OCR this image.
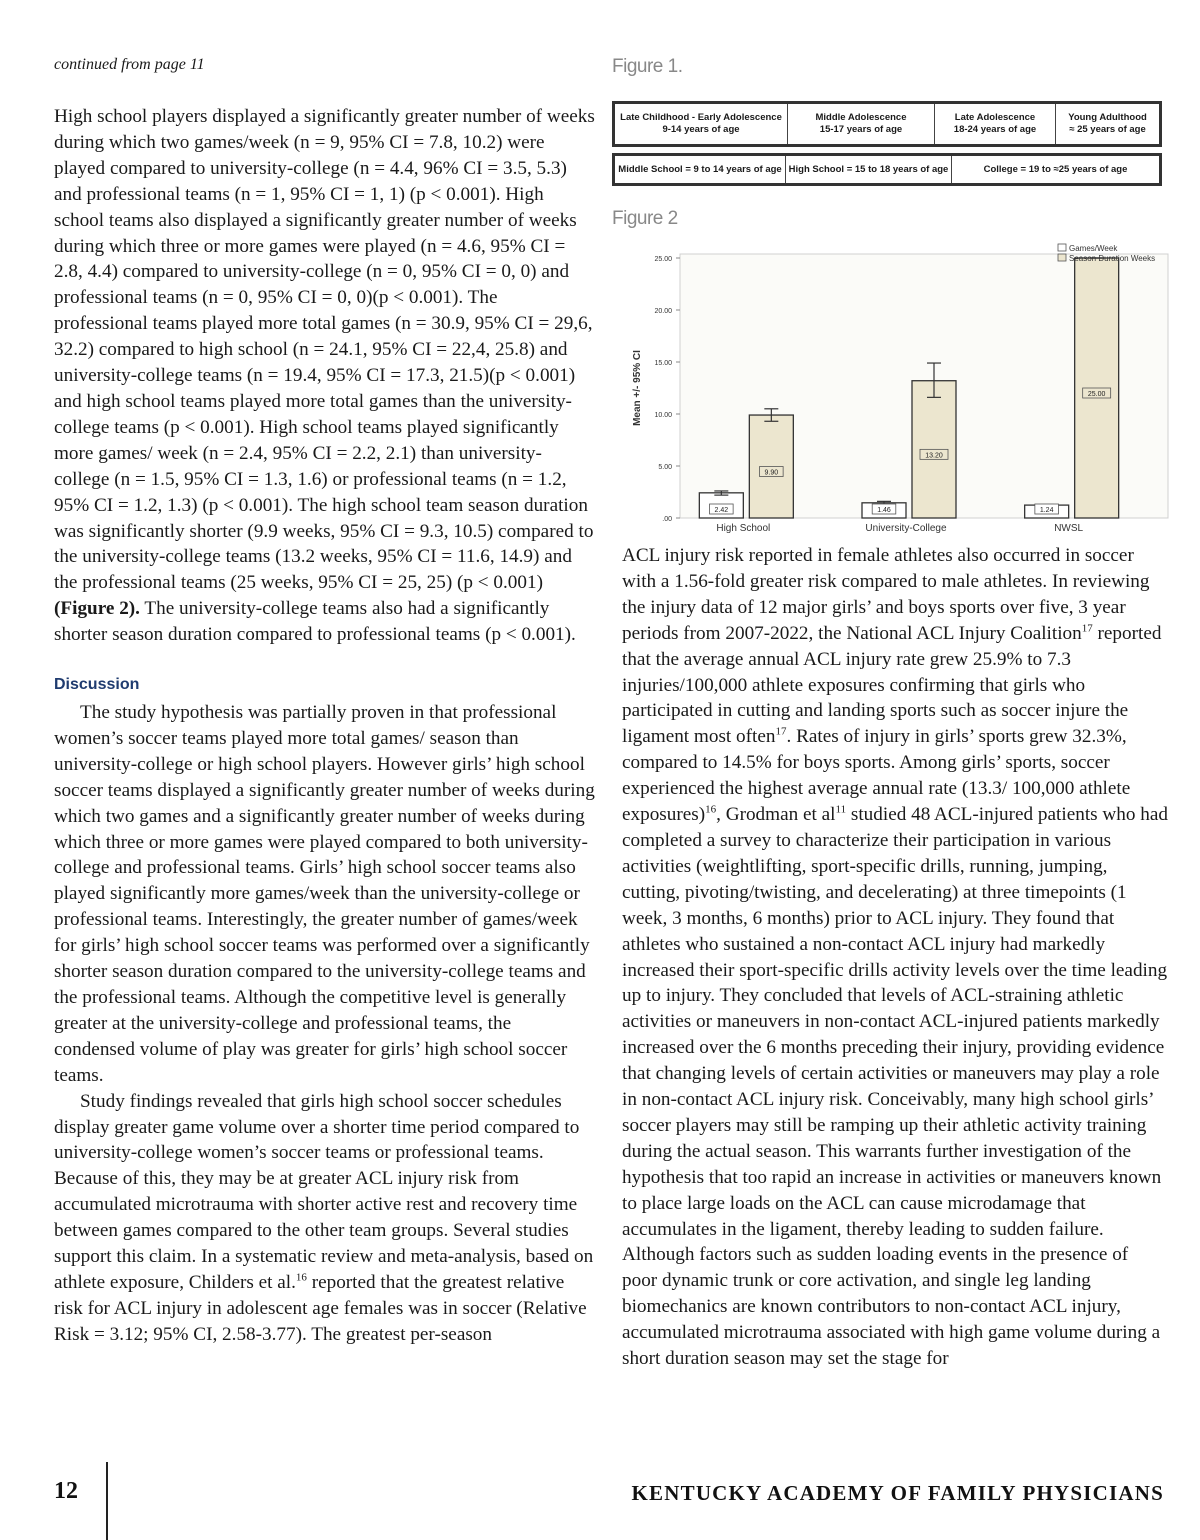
continued from page 11

High school players displayed a significantly greater number of weeks during which two games/week (n = 9, 95% CI = 7.8, 10.2) were played compared to university-college (n = 4.4, 96% CI = 3.5, 5.3) and professional teams (n = 1, 95% CI = 1, 1) (p < 0.001). High school teams also displayed a significantly greater number of weeks during which three or more games were played (n = 4.6, 95% CI = 2.8, 4.4) compared to university-college (n = 0, 95% CI = 0, 0) and professional teams (n = 0, 95% CI = 0, 0)(p < 0.001). The professional teams played more total games (n = 30.9, 95% CI = 29,6, 32.2) compared to high school (n = 24.1, 95% CI = 22,4, 25.8) and university-college teams (n = 19.4, 95% CI = 17.3, 21.5)(p < 0.001) and high school teams played more total games than the university-college teams (p < 0.001). High school teams played significantly more games/ week (n = 2.4, 95% CI = 2.2, 2.1) than university-college (n = 1.5, 95% CI = 1.3, 1.6) or professional teams (n = 1.2, 95% CI = 1.2, 1.3) (p < 0.001). The high school team season duration was significantly shorter (9.9 weeks, 95% CI = 9.3, 10.5) compared to the university-college teams (13.2 weeks, 95% CI = 11.6, 14.9) and the professional teams (25 weeks, 95% CI = 25, 25) (p < 0.001) (Figure 2). The university-college teams also had a significantly shorter season duration compared to professional teams (p < 0.001).

Discussion

The study hypothesis was partially proven in that professional women’s soccer teams played more total games/ season than university-college or high school players. However girls’ high school soccer teams displayed a significantly greater number of weeks during which two games and a significantly greater number of weeks during which three or more games were played compared to both university-college and professional teams. Girls’ high school soccer teams also played significantly more games/week than the university-college or professional teams. Interestingly, the greater number of games/week for girls’ high school soccer teams was performed over a significantly shorter season duration compared to the university-college teams and the professional teams. Although the competitive level is generally greater at the university-college and professional teams, the condensed volume of play was greater for girls’ high school soccer teams.

Study findings revealed that girls high school soccer schedules display greater game volume over a shorter time period compared to university-college women’s soccer teams or professional teams. Because of this, they may be at greater ACL injury risk from accumulated microtrauma with shorter active rest and recovery time between games compared to the other team groups. Several studies support this claim. In a systematic review and meta-analysis, based on athlete exposure, Childers et al.$^{16}$ reported that the greatest relative risk for ACL injury in adolescent age females was in soccer (Relative Risk = 3.12; 95% CI, 2.58-3.77). The greatest per-season

Figure 1.
Late Childhood - Early Adolescence
9-14 years of age
Middle Adolescence
15-17 years of age
Late Adolescence
18-24 years of age
Young Adulthood
≈ 25 years of age
Middle School = 9 to 14 years of age High School = 15 to 18 years of age	College = 19 to ≈25 years of age
Figure 2
25.00
20.00
15.00
10.00
5.00
.00
Mean +/- 95% CI
2.42
9.90
High School
1.46
13.20
University-College
1.24
25.00
NWSL
Games/Week
Season Duration Weeks

ACL injury risk reported in female athletes also occurred in soccer with a 1.56-fold greater risk compared to male athletes. In reviewing the injury data of 12 major girls’ and boys sports over five, 3 year periods from 2007-2022, the National ACL Injury Coalition$^{17}$ reported that the average annual ACL injury rate grew 25.9% to 7.3 injuries/100,000 athlete exposures confirming that girls who participated in cutting and landing sports such as soccer injure the ligament most often$^{17}$. Rates of injury in girls’ sports grew 32.3%, compared to 14.5% for boys sports. Among girls’ sports, soccer experienced the highest average annual rate (13.3/ 100,000 athlete exposures)$^{16}$, Grodman et $al^{11}$ studied 48 ACL-injured patients who had completed a survey to characterize their participation in various activities (weightlifting, sport-specific drills, running, jumping, cutting, pivoting/twisting, and decelerating) at three timepoints (1 week, 3 months, 6 months) prior to ACL injury. They found that athletes who sustained a non-contact ACL injury had markedly increased their sport-specific drills activity levels over the time leading up to injury. They concluded that levels of ACL-straining athletic activities or maneuvers in non-contact ACL-injured patients markedly increased over the 6 months preceding their injury, providing evidence that changing levels of certain activities or maneuvers may play a role in non-contact ACL injury risk. Conceivably, many high school girls’ soccer players may still be ramping up their athletic activity training during the actual season. This warrants further investigation of the hypothesis that too rapid an increase in activities or maneuvers known to place large loads on the ACL can cause microdamage that accumulates in the ligament, thereby leading to sudden failure. Although factors such as sudden loading events in the presence of poor dynamic trunk or core activation, and single leg landing biomechanics are known contributors to non-contact ACL injury, accumulated microtrauma associated with high game volume during a short duration season may set the stage for

12	KENTUCKY ACADEMY OF FAMILY PHYSICIANS
